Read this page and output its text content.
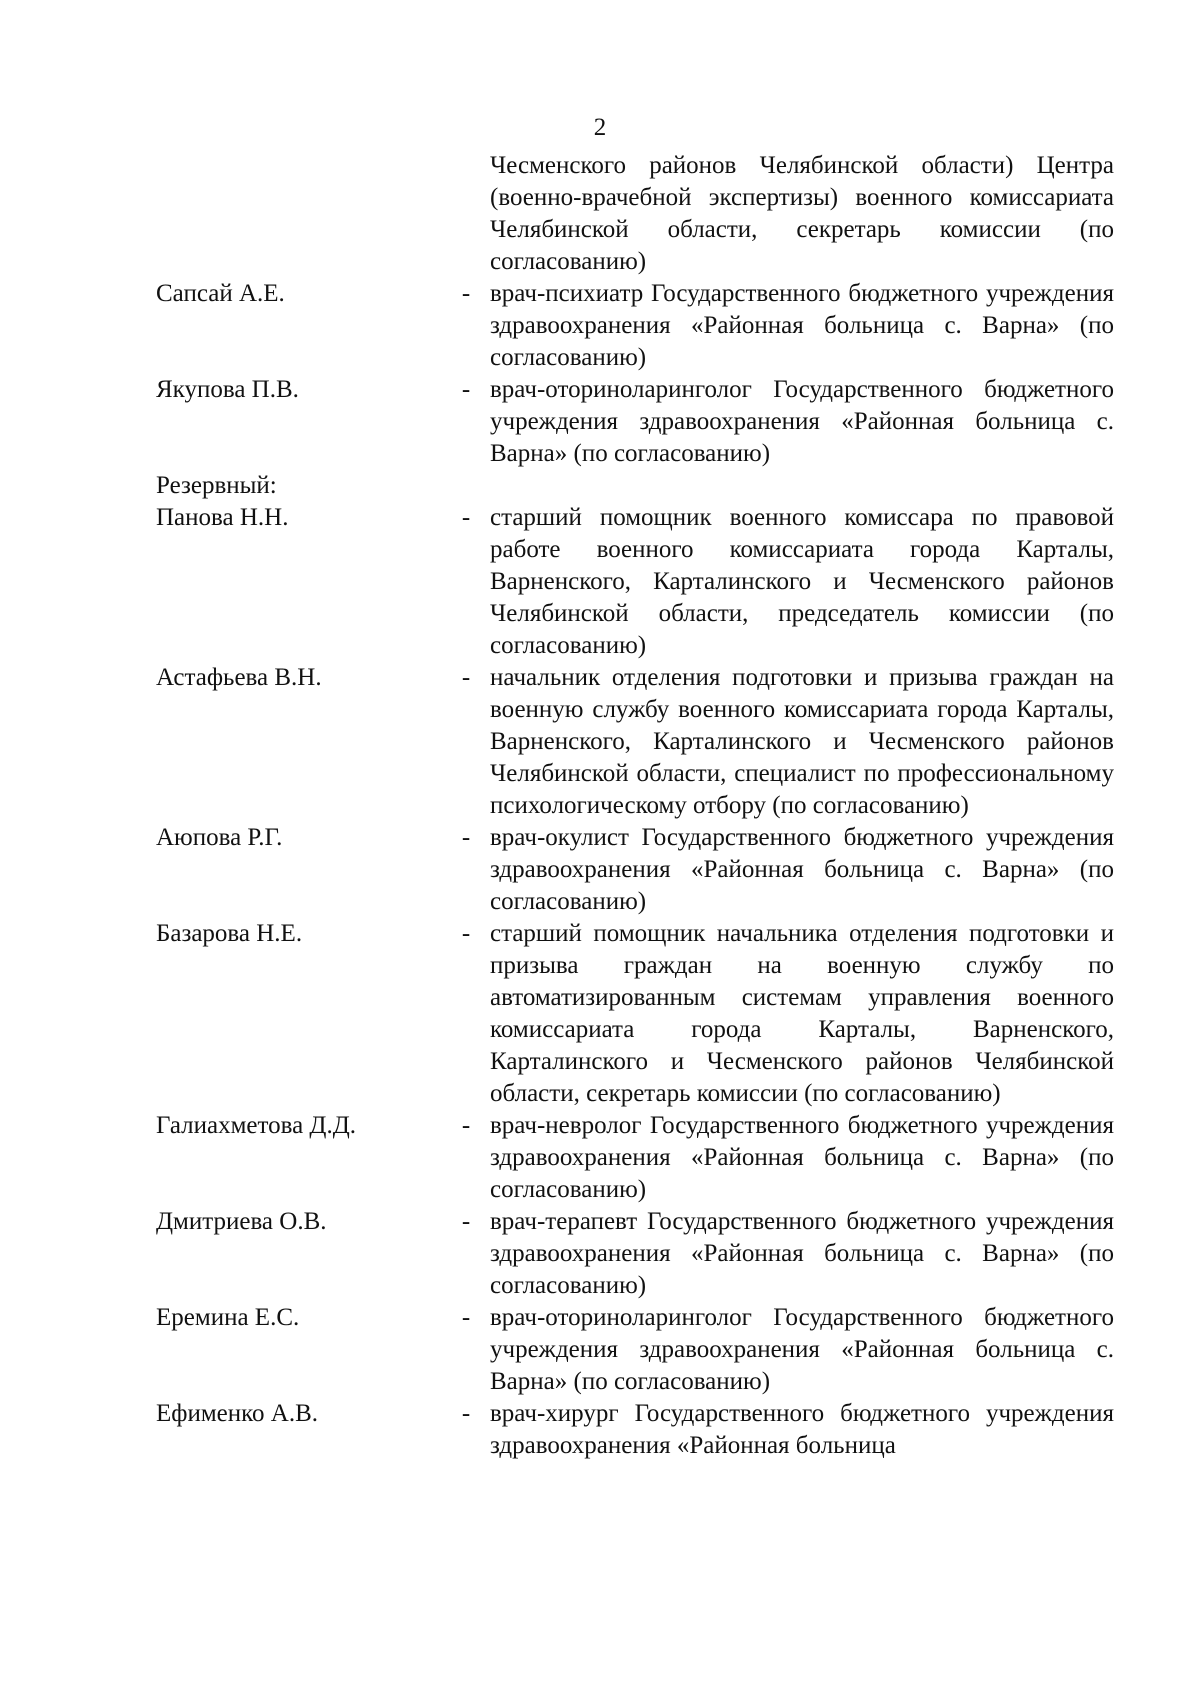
2
Чесменского районов Челябинской области) Центра (военно-врачебной экспертизы) военного комиссариата Челябинской области, секретарь комиссии (по согласованию)
Сапсай А.Е.	- врач-психиатр Государственного бюджетного учреждения здравоохранения «Районная больница с. Варна» (по согласованию)
Якупова П.В.	- врач-оториноларинголог Государственного бюджетного учреждения здравоохранения «Районная больница с. Варна» (по согласованию)
Резервный:
Панова Н.Н.	- старший помощник военного комиссара по правовой работе военного комиссариата города Карталы, Варненского, Карталинского и Чесменского районов Челябинской области, председатель комиссии (по согласованию)
Астафьева В.Н.	- начальник отделения подготовки и призыва граждан на военную службу военного комиссариата города Карталы, Варненского, Карталинского и Чесменского районов Челябинской области, специалист по профессиональному психологическому отбору (по согласованию)
Аюпова Р.Г.	- врач-окулист Государственного бюджетного учреждения здравоохранения «Районная больница с. Варна» (по согласованию)
Базарова Н.Е.	- старший помощник начальника отделения подготовки и призыва граждан на военную службу по автоматизированным системам управления военного комиссариата города Карталы, Варненского, Карталинского и Чесменского районов Челябинской области, секретарь комиссии (по согласованию)
Галиахметова Д.Д.	- врач-невролог Государственного бюджетного учреждения здравоохранения «Районная больница с. Варна» (по согласованию)
Дмитриева О.В.	- врач-терапевт Государственного бюджетного учреждения здравоохранения «Районная больница с. Варна» (по согласованию)
Еремина Е.С.	- врач-оториноларинголог Государственного бюджетного учреждения здравоохранения «Районная больница с. Варна» (по согласованию)
Ефименко А.В.	- врач-хирург Государственного бюджетного учреждения здравоохранения «Районная больница
